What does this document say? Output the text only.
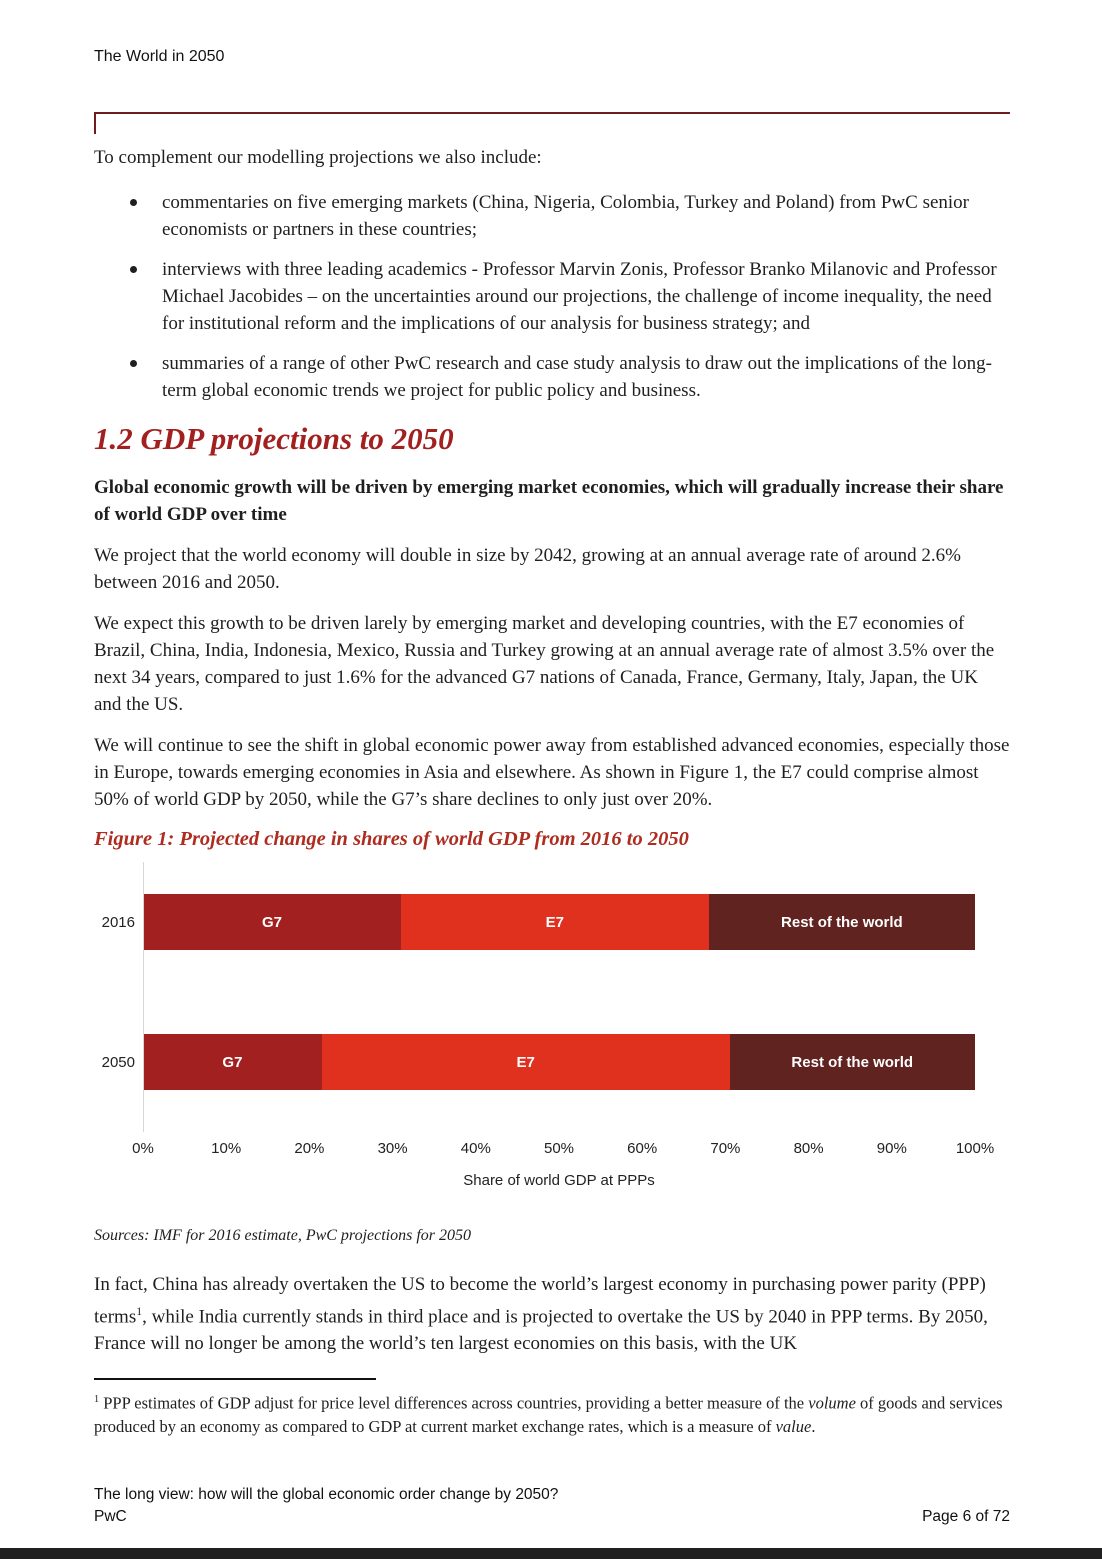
The World in 2050

To complement our modelling projections we also include:

commentaries on five emerging markets (China, Nigeria, Colombia, Turkey and Poland) from PwC senior economists or partners in these countries;
interviews with three leading academics - Professor Marvin Zonis, Professor Branko Milanovic and Professor Michael Jacobides – on the uncertainties around our projections, the challenge of income inequality, the need for institutional reform and the implications of our analysis for business strategy; and
summaries of a range of other PwC research and case study analysis to draw out the implications of the long-term global economic trends we project for public policy and business.
1.2 GDP projections to 2050

Global economic growth will be driven by emerging market economies, which will gradually increase their share of world GDP over time

We project that the world economy will double in size by 2042, growing at an annual average rate of around 2.6% between 2016 and 2050.

We expect this growth to be driven larely by emerging market and developing countries, with the E7 economies of Brazil, China, India, Indonesia, Mexico, Russia and Turkey growing at an annual average rate of almost 3.5% over the next 34 years, compared to just 1.6% for the advanced G7 nations of Canada, France, Germany, Italy, Japan, the UK and the US.

We will continue to see the shift in global economic power away from established advanced economies, especially those in Europe, towards emerging economies in Asia and elsewhere. As shown in Figure 1, the E7 could comprise almost 50% of world GDP by 2050, while the G7’s share declines to only just over 20%.

Figure 1: Projected change in shares of world GDP from 2016 to 2050

2016	G7	E7	Rest of the world
2050	G7	E7	Rest of the world
0%	10%	20%	30%	40%	50%	60%	70%	80%	90%	100%
Share of world GDP at PPPs

Sources: IMF for 2016 estimate, PwC projections for 2050

In fact, China has already overtaken the US to become the world’s largest economy in purchasing power parity (PPP) terms$^1$, while India currently stands in third place and is projected to overtake the US by 2040 in PPP terms. By 2050, France will no longer be among the world’s ten largest economies on this basis, with the UK

$^1$ PPP estimates of GDP adjust for price level differences across countries, providing a better measure of the volume of goods and services produced by an economy as compared to GDP at current market exchange rates, which is a measure of value.

The long view: how will the global economic order change by 2050?
PwC	Page 6 of 72
